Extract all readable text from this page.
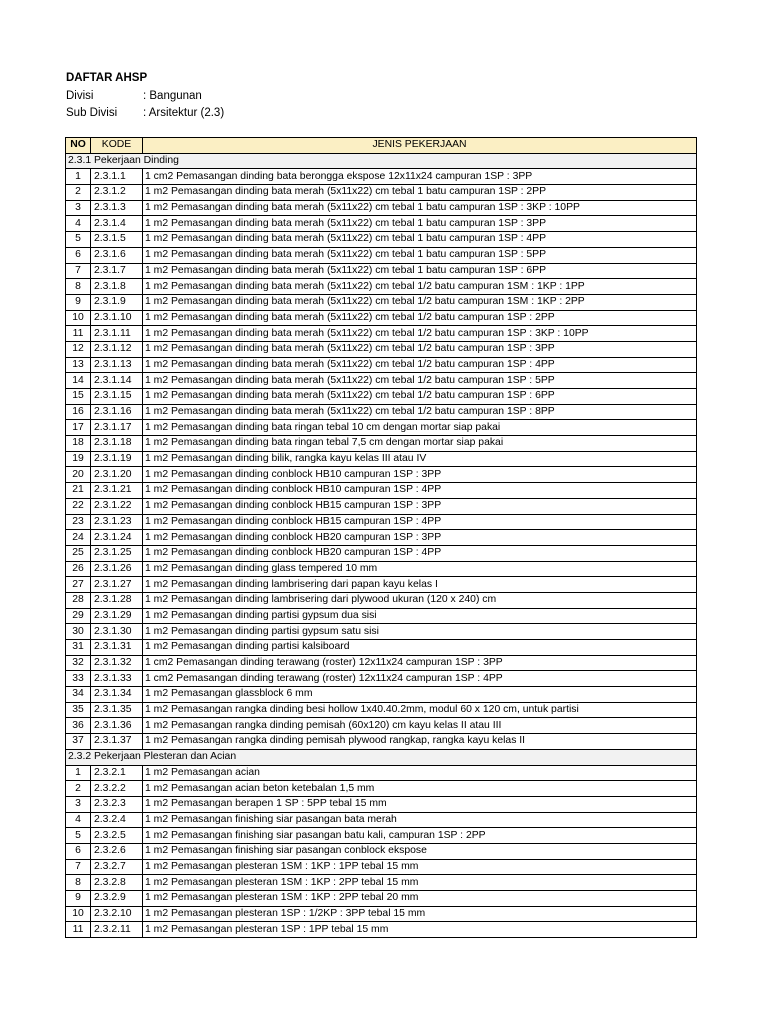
DAFTAR AHSP
Divisi	: Bangunan
Sub Divisi : Arsitektur (2.3)
NO	KODE	JENIS PEKERJAAN
2.3.1 Pekerjaan Dinding		
1	2.3.1.1	1 cm2 Pemasangan dinding bata berongga ekspose 12x11x24 campuran 1SP : 3PP
2	2.3.1.2	1 m2 Pemasangan dinding bata merah (5x11x22) cm tebal 1 batu campuran 1SP : 2PP
3	2.3.1.3	1 m2 Pemasangan dinding bata merah (5x11x22) cm tebal 1 batu campuran 1SP : 3KP : 10PP
4	2.3.1.4	1 m2 Pemasangan dinding bata merah (5x11x22) cm tebal 1 batu campuran 1SP : 3PP
5	2.3.1.5	1 m2 Pemasangan dinding bata merah (5x11x22) cm tebal 1 batu campuran 1SP : 4PP
6	2.3.1.6	1 m2 Pemasangan dinding bata merah (5x11x22) cm tebal 1 batu campuran 1SP : 5PP
7	2.3.1.7	1 m2 Pemasangan dinding bata merah (5x11x22) cm tebal 1 batu campuran 1SP : 6PP
8	2.3.1.8	1 m2 Pemasangan dinding bata merah (5x11x22) cm tebal 1/2 batu campuran 1SM : 1KP : 1PP
9	2.3.1.9	1 m2 Pemasangan dinding bata merah (5x11x22) cm tebal 1/2 batu campuran 1SM : 1KP : 2PP
10	2.3.1.10	1 m2 Pemasangan dinding bata merah (5x11x22) cm tebal 1/2 batu campuran 1SP : 2PP
11	2.3.1.11	1 m2 Pemasangan dinding bata merah (5x11x22) cm tebal 1/2 batu campuran 1SP : 3KP : 10PP
12	2.3.1.12	1 m2 Pemasangan dinding bata merah (5x11x22) cm tebal 1/2 batu campuran 1SP : 3PP
13	2.3.1.13	1 m2 Pemasangan dinding bata merah (5x11x22) cm tebal 1/2 batu campuran 1SP : 4PP
14	2.3.1.14	1 m2 Pemasangan dinding bata merah (5x11x22) cm tebal 1/2 batu campuran 1SP : 5PP
15	2.3.1.15	1 m2 Pemasangan dinding bata merah (5x11x22) cm tebal 1/2 batu campuran 1SP : 6PP
16	2.3.1.16	1 m2 Pemasangan dinding bata merah (5x11x22) cm tebal 1/2 batu campuran 1SP : 8PP
17	2.3.1.17	1 m2 Pemasangan dinding bata ringan tebal 10 cm dengan mortar siap pakai
18	2.3.1.18	1 m2 Pemasangan dinding bata ringan tebal 7,5 cm dengan mortar siap pakai
19	2.3.1.19	1 m2 Pemasangan dinding bilik, rangka kayu kelas III atau IV
20	2.3.1.20	1 m2 Pemasangan dinding conblock HB10 campuran 1SP : 3PP
21	2.3.1.21	1 m2 Pemasangan dinding conblock HB10 campuran 1SP : 4PP
22	2.3.1.22	1 m2 Pemasangan dinding conblock HB15 campuran 1SP : 3PP
23	2.3.1.23	1 m2 Pemasangan dinding conblock HB15 campuran 1SP : 4PP
24	2.3.1.24	1 m2 Pemasangan dinding conblock HB20 campuran 1SP : 3PP
25	2.3.1.25	1 m2 Pemasangan dinding conblock HB20 campuran 1SP : 4PP
26	2.3.1.26	1 m2 Pemasangan dinding glass tempered 10 mm
27	2.3.1.27	1 m2 Pemasangan dinding lambrisering dari papan kayu kelas I
28	2.3.1.28	1 m2 Pemasangan dinding lambrisering dari plywood ukuran (120 x 240) cm
29	2.3.1.29	1 m2 Pemasangan dinding partisi gypsum dua sisi
30	2.3.1.30	1 m2 Pemasangan dinding partisi gypsum satu sisi
31	2.3.1.31	1 m2 Pemasangan dinding partisi kalsiboard
32	2.3.1.32	1 cm2 Pemasangan dinding terawang (roster) 12x11x24 campuran 1SP : 3PP
33	2.3.1.33	1 cm2 Pemasangan dinding terawang (roster) 12x11x24 campuran 1SP : 4PP
34	2.3.1.34	1 m2 Pemasangan glassblock 6 mm
35	2.3.1.35	1 m2 Pemasangan rangka dinding besi hollow 1x40.40.2mm, modul 60 x 120 cm, untuk partisi
36	2.3.1.36	1 m2 Pemasangan rangka dinding pemisah (60x120) cm kayu kelas II atau III
37	2.3.1.37	1 m2 Pemasangan rangka dinding pemisah plywood rangkap, rangka kayu kelas II
2.3.2 Pekerjaan Plesteran dan Acian		
1	2.3.2.1	1 m2 Pemasangan acian
2	2.3.2.2	1 m2 Pemasangan acian beton ketebalan 1,5 mm
3	2.3.2.3	1 m2 Pemasangan berapen 1 SP : 5PP tebal 15 mm
4	2.3.2.4	1 m2 Pemasangan finishing siar pasangan bata merah
5	2.3.2.5	1 m2 Pemasangan finishing siar pasangan batu kali, campuran 1SP : 2PP
6	2.3.2.6	1 m2 Pemasangan finishing siar pasangan conblock ekspose
7	2.3.2.7	1 m2 Pemasangan plesteran 1SM : 1KP : 1PP tebal 15 mm
8	2.3.2.8	1 m2 Pemasangan plesteran 1SM : 1KP : 2PP tebal 15 mm
9	2.3.2.9	1 m2 Pemasangan plesteran 1SM : 1KP : 2PP tebal 20 mm
10	2.3.2.10	1 m2 Pemasangan plesteran 1SP : 1/2KP : 3PP tebal 15 mm
11	2.3.2.11	1 m2 Pemasangan plesteran 1SP : 1PP tebal 15 mm
